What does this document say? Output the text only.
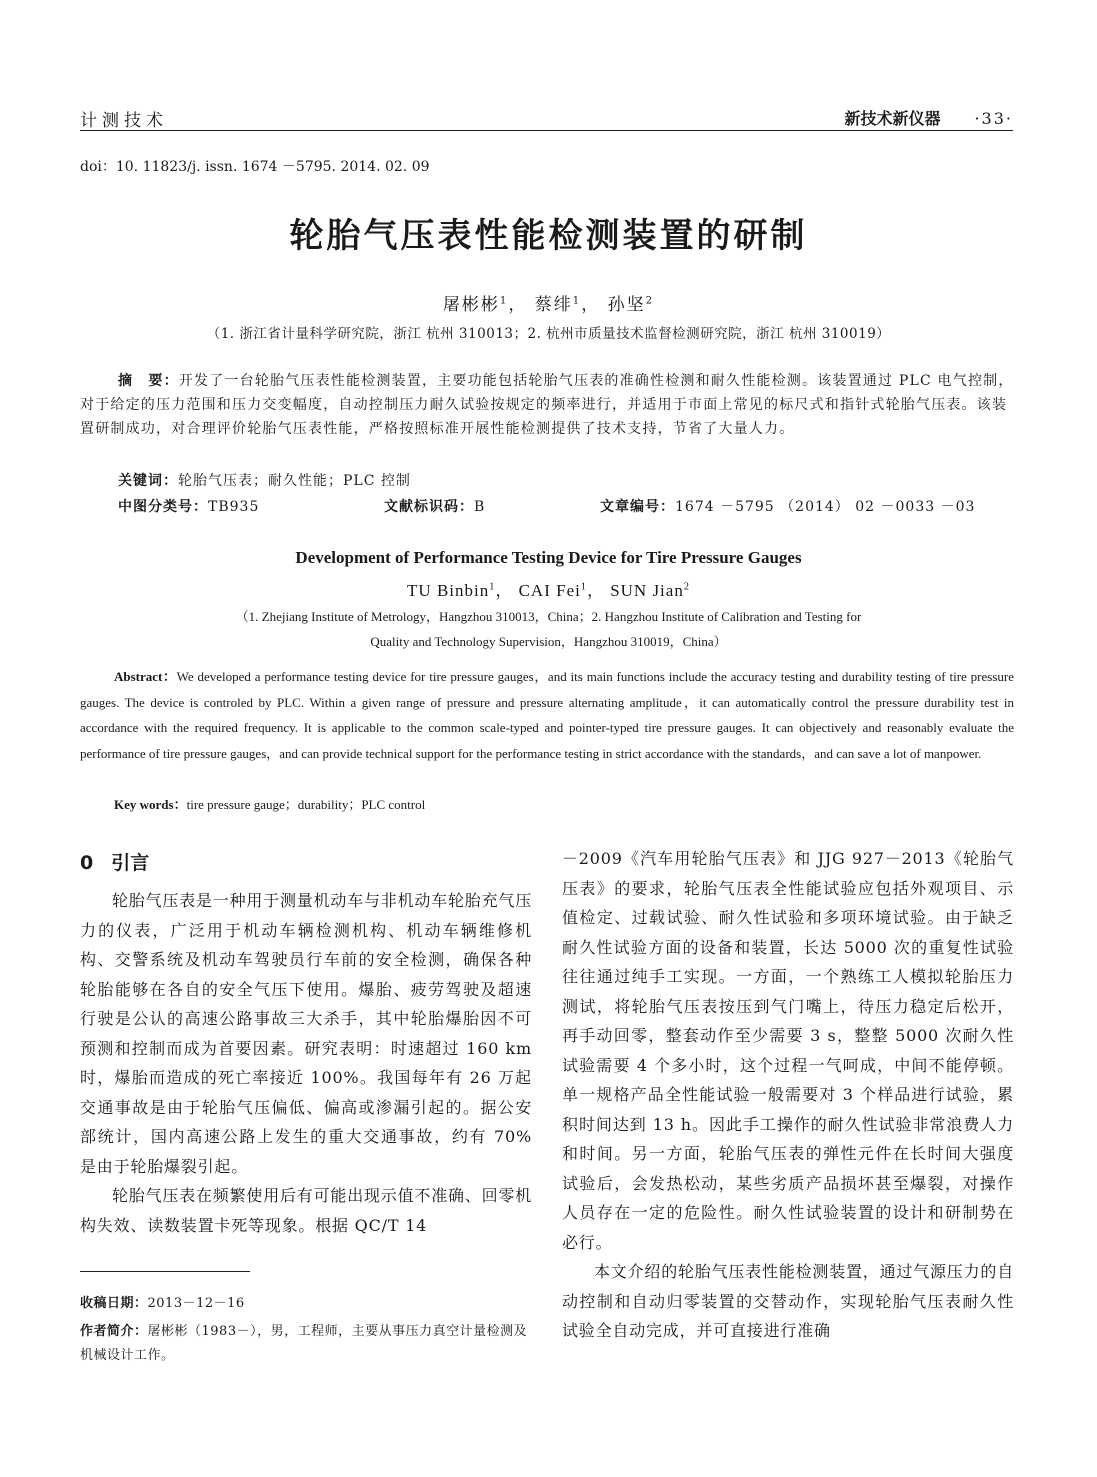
计测技术	新技术新仪器 ·33·
doi：10. 11823/j. issn. 1674 －5795. 2014. 02. 09
轮胎气压表性能检测装置的研制
屠彬彬$^1$， 蔡绯$^1$， 孙坚$^2$
（1. 浙江省计量科学研究院，浙江 杭州 310013；2. 杭州市质量技术监督检测研究院，浙江 杭州 310019）
摘　要：开发了一台轮胎气压表性能检测装置，主要功能包括轮胎气压表的准确性检测和耐久性能检测。该装置通过 PLC 电气控制，对于给定的压力范围和压力交变幅度，自动控制压力耐久试验按规定的频率进行，并适用于市面上常见的标尺式和指针式轮胎气压表。该装置研制成功，对合理评价轮胎气压表性能，严格按照标准开展性能检测提供了技术支持，节省了大量人力。
关键词：轮胎气压表；耐久性能；PLC 控制
中图分类号：TB935	文献标识码：B	文章编号：1674 －5795 （2014） 02 －0033 －03
Development of Performance Testing Device for Tire Pressure Gauges
TU Binbin$^1$， CAI Fei$^1$， SUN Jian$^2$
（1. Zhejiang Institute of Metrology，Hangzhou 310013，China；2. Hangzhou Institute of Calibration and Testing for
Quality and Technology Supervision，Hangzhou 310019，China）
Abstract：We developed a performance testing device for tire pressure gauges，and its main functions include the accuracy testing and durability testing of tire pressure gauges. The device is controled by PLC. Within a given range of pressure and pressure alternating amplitude，it can automatically control the pressure durability test in accordance with the required frequency. It is applicable to the common scale-typed and pointer-typed tire pressure gauges. It can objectively and reasonably evaluate the performance of tire pressure gauges，and can provide technical support for the performance testing in strict accordance with the standards，and can save a lot of manpower.
Key words：tire pressure gauge；durability；PLC control
0 引言

轮胎气压表是一种用于测量机动车与非机动车轮胎充气压力的仪表，广泛用于机动车辆检测机构、机动车辆维修机构、交警系统及机动车驾驶员行车前的安全检测，确保各种轮胎能够在各自的安全气压下使用。爆胎、疲劳驾驶及超速行驶是公认的高速公路事故三大杀手，其中轮胎爆胎因不可预测和控制而成为首要因素。研究表明：时速超过 160 km 时，爆胎而造成的死亡率接近 100%。我国每年有 26 万起交通事故是由于轮胎气压偏低、偏高或渗漏引起的。据公安部统计，国内高速公路上发生的重大交通事故，约有 70% 是由于轮胎爆裂引起。

轮胎气压表在频繁使用后有可能出现示值不准确、回零机构失效、读数装置卡死等现象。根据 QC/T 14

－2009《汽车用轮胎气压表》和 JJG 927－2013《轮胎气压表》的要求，轮胎气压表全性能试验应包括外观项目、示值检定、过载试验、耐久性试验和多项环境试验。由于缺乏耐久性试验方面的设备和装置，长达 5000 次的重复性试验往往通过纯手工实现。一方面，一个熟练工人模拟轮胎压力测试，将轮胎气压表按压到气门嘴上，待压力稳定后松开，再手动回零，整套动作至少需要 3 s，整整 5000 次耐久性试验需要 4 个多小时，这个过程一气呵成，中间不能停顿。单一规格产品全性能试验一般需要对 3 个样品进行试验，累积时间达到 13 h。因此手工操作的耐久性试验非常浪费人力和时间。另一方面，轮胎气压表的弹性元件在长时间大强度试验后，会发热松动，某些劣质产品损坏甚至爆裂，对操作人员存在一定的危险性。耐久性试验装置的设计和研制势在必行。

本文介绍的轮胎气压表性能检测装置，通过气源压力的自动控制和自动归零装置的交替动作，实现轮胎气压表耐久性试验全自动完成，并可直接进行准确

收稿日期：2013－12－16
作者简介：屠彬彬（1983－），男，工程师，主要从事压力真空计量检测及机械设计工作。
